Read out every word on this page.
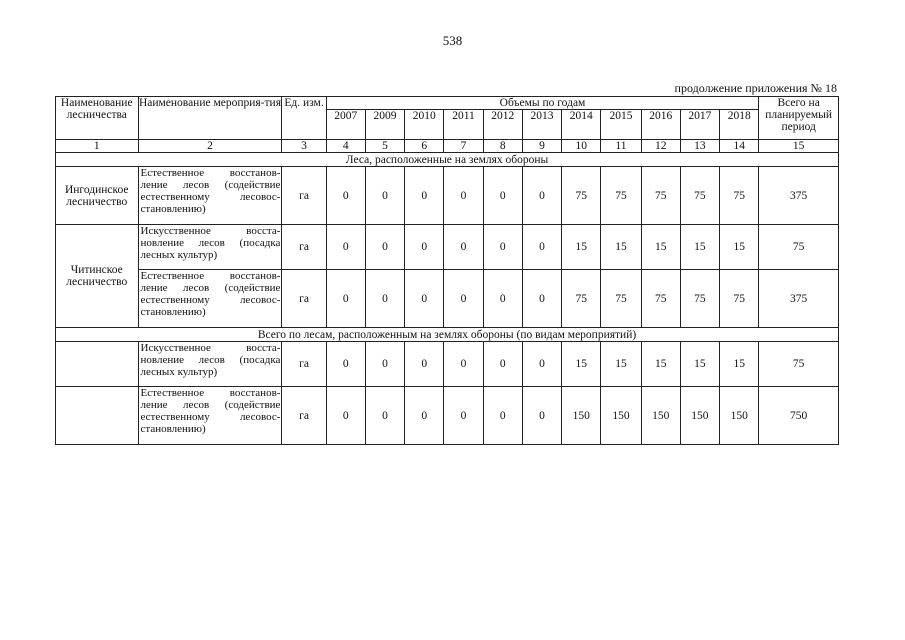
538
продолжение приложения № 18
Наименование лесничества	Наименование мероприя-тия	Ед. изм.	Объемы по годам											Всего на планируемый период
			2007	2009	2010	2011	2012	2013	2014	2015	2016	2017	2018	
1	2	3	4	5	6	7	8	9	10	11	12	13	14	15
Леса, расположенные на землях обороны														
Ингодинское лесничество	Естественное восстанов-ление лесов (содействие естественному лесовос-становлению)	га	0	0	0	0	0	0	75	75	75	75	75	375
Читинское лесничество	Искусственное восста-новление лесов (посадка лесных культур)	га	0	0	0	0	0	0	15	15	15	15	15	75
	Естественное восстанов-ление лесов (содействие естественному лесовос-становлению)	га	0	0	0	0	0	0	75	75	75	75	75	375
Всего по лесам, расположенным на землях обороны (по видам мероприятий)														
	Искусственное восста-новление лесов (посадка лесных культур)	га	0	0	0	0	0	0	15	15	15	15	15	75
	Естественное восстанов-ление лесов (содействие естественному лесовос-становлению)	га	0	0	0	0	0	0	150	150	150	150	150	750
